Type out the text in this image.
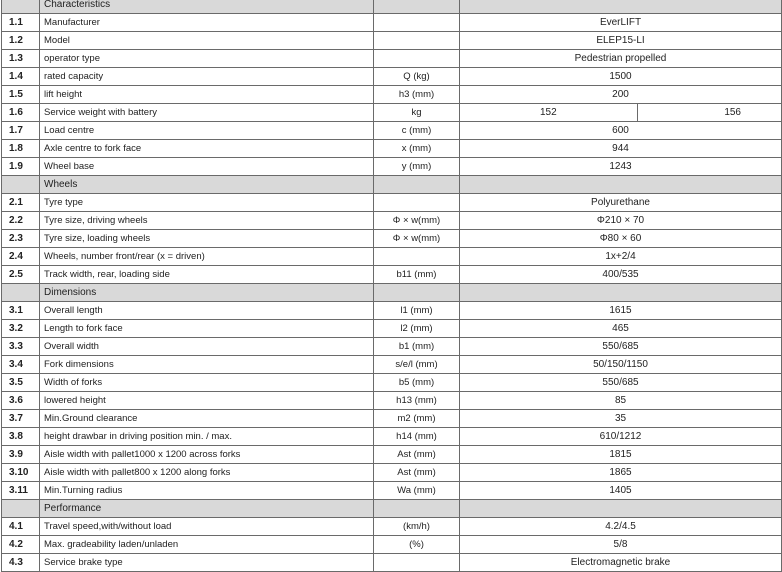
	Characteristics		
1.1	Manufacturer		EverLIFT
1.2	Model		ELEP15-LI
1.3	operator type		Pedestrian propelled
1.4	rated capacity	Q (kg)	1500
1.5	lift height	h3 (mm)	200
1.6	Service weight with battery	kg	152 156

1.7	Load centre	c (mm)	600
1.8	Axle centre to fork face	x (mm)	944
1.9	Wheel base	y (mm)	1243
	Wheels		
2.1	Tyre type		Polyurethane
2.2	Tyre size, driving wheels	Φ × w(mm)	Φ210 × 70
2.3	Tyre size, loading wheels	Φ × w(mm)	Φ80 × 60
2.4	Wheels, number front/rear (x = driven)		1x+2/4
2.5	Track width, rear, loading side	b11 (mm)	400/535
	Dimensions		
3.1	Overall length	l1 (mm)	1615
3.2	Length to fork face	l2 (mm)	465
3.3	Overall width	b1 (mm)	550/685
3.4	Fork dimensions	s/e/l (mm)	50/150/1150
3.5	Width of forks	b5 (mm)	550/685
3.6	lowered height	h13 (mm)	85
3.7	Min.Ground clearance	m2 (mm)	35
3.8	height drawbar in driving position min. / max.	h14 (mm)	610/1212
3.9	Aisle width with pallet1000 x 1200 across forks	Ast (mm)	1815
3.10	Aisle width with pallet800 x 1200 along forks	Ast (mm)	1865
3.11	Min.Turning radius	Wa (mm)	1405
	Performance		
4.1	Travel speed,with/without load	(km/h)	4.2/4.5
4.2	Max. gradeability laden/unladen	(%)	5/8
4.3	Service brake type		Electromagnetic brake
